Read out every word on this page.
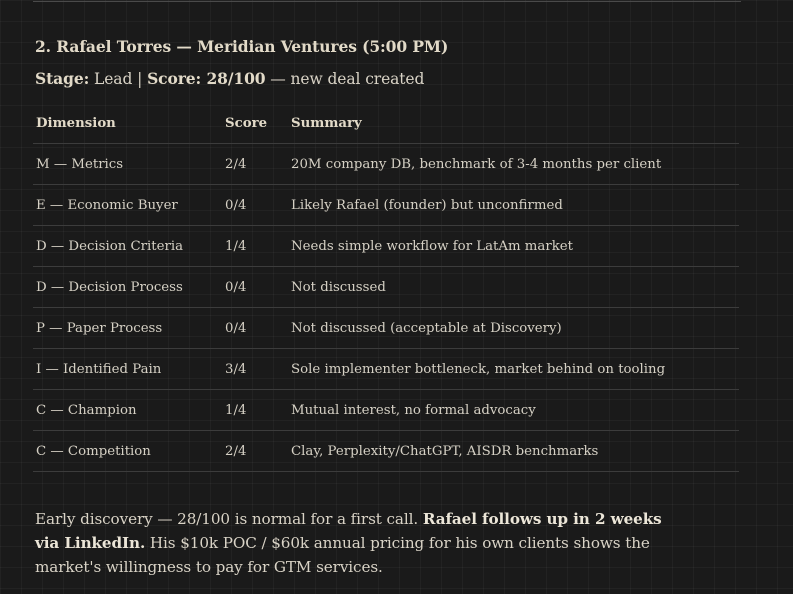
2. Rafael Torres — Meridian Ventures (5:00 PM)
Stage: Lead | Score: 28/100 — new deal created
Dimension	Score	Summary
M — Metrics	2/4	20M company DB, benchmark of 3-4 months per client
E — Economic Buyer	0/4	Likely Rafael (founder) but unconfirmed
D — Decision Criteria	1/4	Needs simple workflow for LatAm market
D — Decision Process	0/4	Not discussed
P — Paper Process	0/4	Not discussed (acceptable at Discovery)
I — Identified Pain	3/4	Sole implementer bottleneck, market behind on tooling
C — Champion	1/4	Mutual interest, no formal advocacy
C — Competition	2/4	Clay, Perplexity/ChatGPT, AISDR benchmarks
Early discovery — 28/100 is normal for a first call. Rafael follows up in 2 weeks via LinkedIn. His $10k POC / $60k annual pricing for his own clients shows the market's willingness to pay for GTM services.
